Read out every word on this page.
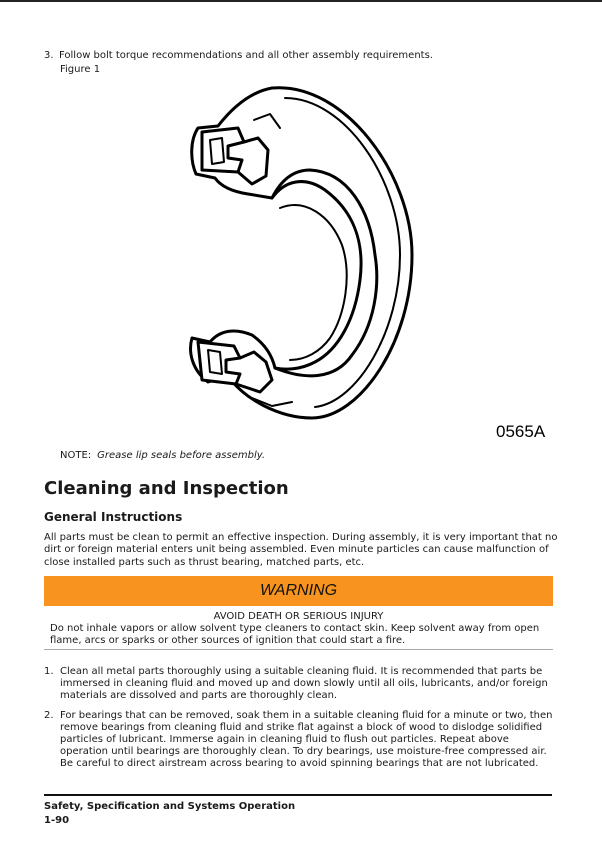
3. Follow bolt torque recommendations and all other assembly requirements.
Figure 1
0565A
NOTE: Grease lip seals before assembly.
Cleaning and Inspection
General Instructions

All parts must be clean to permit an effective inspection. During assembly, it is very important that no dirt or foreign material enters unit being assembled. Even minute particles can cause malfunction of close installed parts such as thrust bearing, matched parts, etc.

WARNING
AVOID DEATH OR SERIOUS INJURY

Do not inhale vapors or allow solvent type cleaners to contact skin. Keep solvent away from open flame, arcs or sparks or other sources of ignition that could start a fire.

1. Clean all metal parts thoroughly using a suitable cleaning fluid. It is recommended that parts be immersed in cleaning fluid and moved up and down slowly until all oils, lubricants, and/or foreign materials are dissolved and parts are thoroughly clean.
2. For bearings that can be removed, soak them in a suitable cleaning fluid for a minute or two, then remove bearings from cleaning fluid and strike flat against a block of wood to dislodge solidified particles of lubricant. Immerse again in cleaning fluid to flush out particles. Repeat above operation until bearings are thoroughly clean. To dry bearings, use moisture-free compressed air. Be careful to direct airstream across bearing to avoid spinning bearings that are not lubricated.
Safety, Specification and Systems Operation
1-90
